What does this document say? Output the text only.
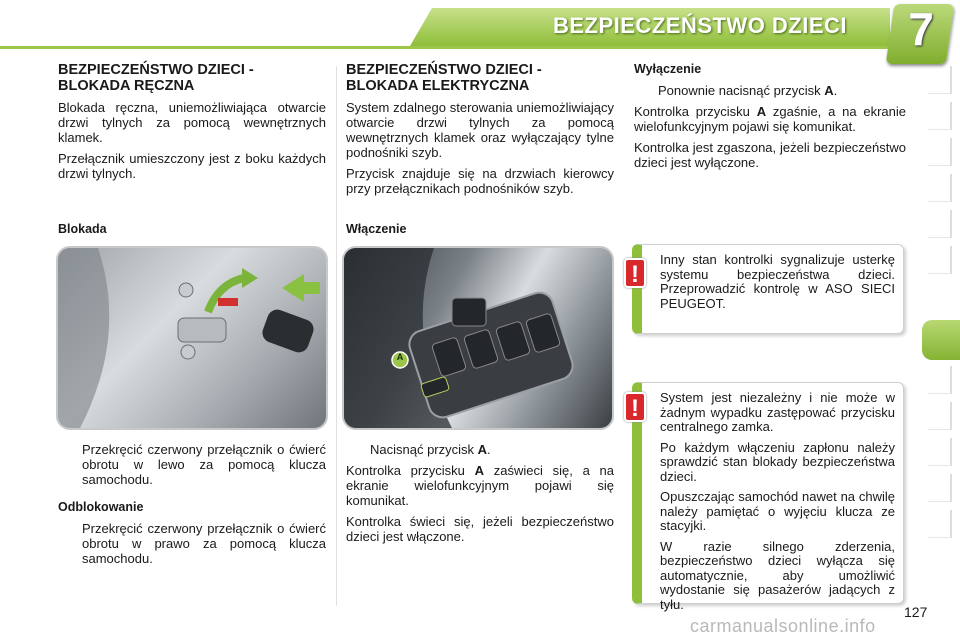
BEZPIECZEŃSTWO DZIECI	7
BEZPIECZEŃSTWO DZIECI - BLOKADA RĘCZNA

Blokada ręczna, uniemożliwiająca otwarcie drzwi tylnych za pomocą wewnętrznych klamek.

Przełącznik umieszczony jest z boku każdych drzwi tylnych.

Blokada
Przekręcić czerwony przełącznik o ćwierć obrotu w lewo za pomocą klucza samochodu.
Odblokowanie
Przekręcić czerwony przełącznik o ćwierć obrotu w prawo za pomocą klucza samochodu.
BEZPIECZEŃSTWO DZIECI - BLOKADA ELEKTRYCZNA

System zdalnego sterowania uniemożliwiający otwarcie drzwi tylnych za pomocą wewnętrznych klamek oraz wyłączający tylne podnośniki szyb.

Przycisk znajduje się na drzwiach kierowcy przy przełącznikach podnośników szyb.

Włączenie
A
Nacisnąć przycisk A.

Kontrolka przycisku A zaświeci się, a na ekranie wielofunkcyjnym pojawi się komunikat.

Kontrolka świeci się, jeżeli bezpieczeństwo dzieci jest włączone.

Wyłączenie
Ponownie nacisnąć przycisk A.

Kontrolka przycisku A zgaśnie, a na ekranie wielofunkcyjnym pojawi się komunikat.

Kontrolka jest zgaszona, jeżeli bezpieczeństwo dzieci jest wyłączone.

Inny stan kontrolki sygnalizuje usterkę systemu bezpieczeństwa dzieci. Przeprowadzić kontrolę w ASO SIECI PEUGEOT.

!

System jest niezależny i nie może w żadnym wypadku zastępować przycisku centralnego zamka.

Po każdym włączeniu zapłonu należy sprawdzić stan blokady bezpieczeństwa dzieci.

Opuszczając samochód nawet na chwilę należy pamiętać o wyjęciu klucza ze stacyjki.

W razie silnego zderzenia, bezpieczeństwo dzieci wyłącza się automatycznie, aby umożliwić wydostanie się pasażerów jadących z tyłu.

!
carmanualsonline.info
127
